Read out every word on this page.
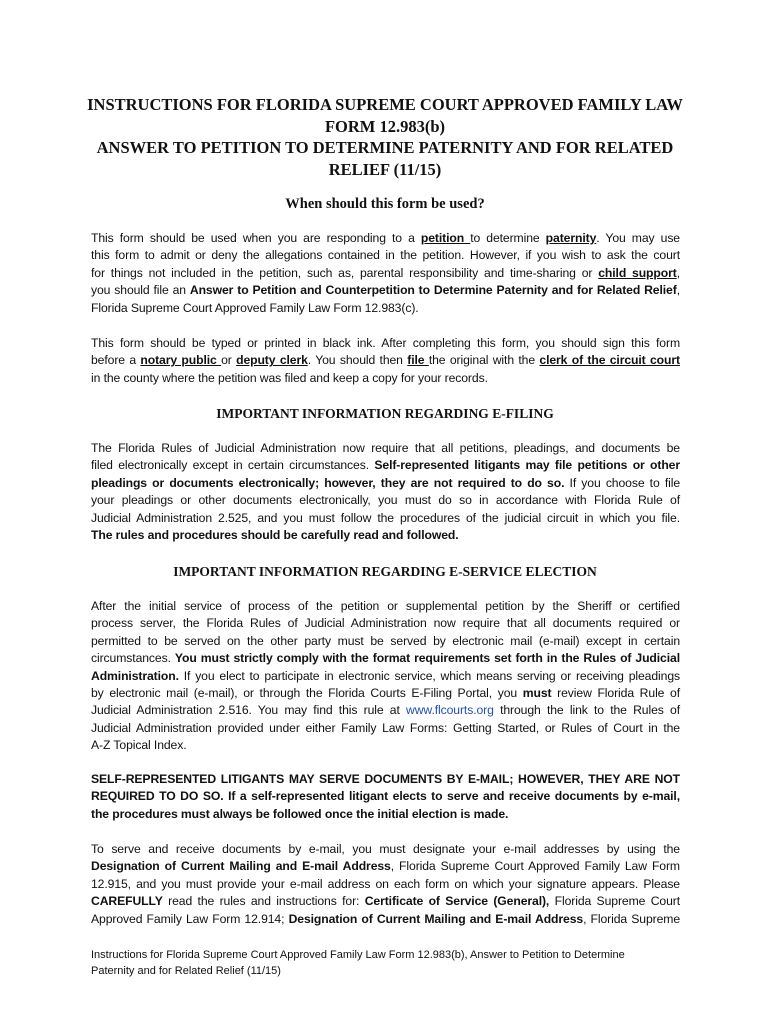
INSTRUCTIONS FOR FLORIDA SUPREME COURT APPROVED FAMILY LAW
FORM 12.983(b)
ANSWER TO PETITION TO DETERMINE PATERNITY AND FOR RELATED
RELIEF (11/15)
When should this form be used?
This form should be used when you are responding to a petition to determine paternity. You may use
this form to admit or deny the allegations contained in the petition. However, if you wish to ask the court
for things not included in the petition, such as, parental responsibility and time-sharing or child support,
you should file an Answer to Petition and Counterpetition to Determine Paternity and for Related Relief,
Florida Supreme Court Approved Family Law Form 12.983(c).
This form should be typed or printed in black ink. After completing this form, you should sign this form
before a notary public or deputy clerk. You should then file the original with the clerk of the circuit court
in the county where the petition was filed and keep a copy for your records.
IMPORTANT INFORMATION REGARDING E-FILING
The Florida Rules of Judicial Administration now require that all petitions, pleadings, and documents be
filed electronically except in certain circumstances. Self-represented litigants may file petitions or other
pleadings or documents electronically; however, they are not required to do so. If you choose to file
your pleadings or other documents electronically, you must do so in accordance with Florida Rule of
Judicial Administration 2.525, and you must follow the procedures of the judicial circuit in which you file.
The rules and procedures should be carefully read and followed.
IMPORTANT INFORMATION REGARDING E-SERVICE ELECTION
After the initial service of process of the petition or supplemental petition by the Sheriff or certified
process server, the Florida Rules of Judicial Administration now require that all documents required or
permitted to be served on the other party must be served by electronic mail (e-mail) except in certain
circumstances. You must strictly comply with the format requirements set forth in the Rules of Judicial
Administration. If you elect to participate in electronic service, which means serving or receiving pleadings
by electronic mail (e-mail), or through the Florida Courts E-Filing Portal, you must review Florida Rule of
Judicial Administration 2.516. You may find this rule at www.flcourts.org through the link to the Rules of
Judicial Administration provided under either Family Law Forms: Getting Started, or Rules of Court in the
A-Z Topical Index.
SELF-REPRESENTED LITIGANTS MAY SERVE DOCUMENTS BY E-MAIL; HOWEVER, THEY ARE NOT
REQUIRED TO DO SO. If a self-represented litigant elects to serve and receive documents by e-mail,
the procedures must always be followed once the initial election is made.
To serve and receive documents by e-mail, you must designate your e-mail addresses by using the
Designation of Current Mailing and E-mail Address, Florida Supreme Court Approved Family Law Form
12.915, and you must provide your e-mail address on each form on which your signature appears. Please
CAREFULLY read the rules and instructions for: Certificate of Service (General), Florida Supreme Court
Approved Family Law Form 12.914; Designation of Current Mailing and E-mail Address, Florida Supreme
Instructions for Florida Supreme Court Approved Family Law Form 12.983(b), Answer to Petition to Determine
Paternity and for Related Relief (11/15)
